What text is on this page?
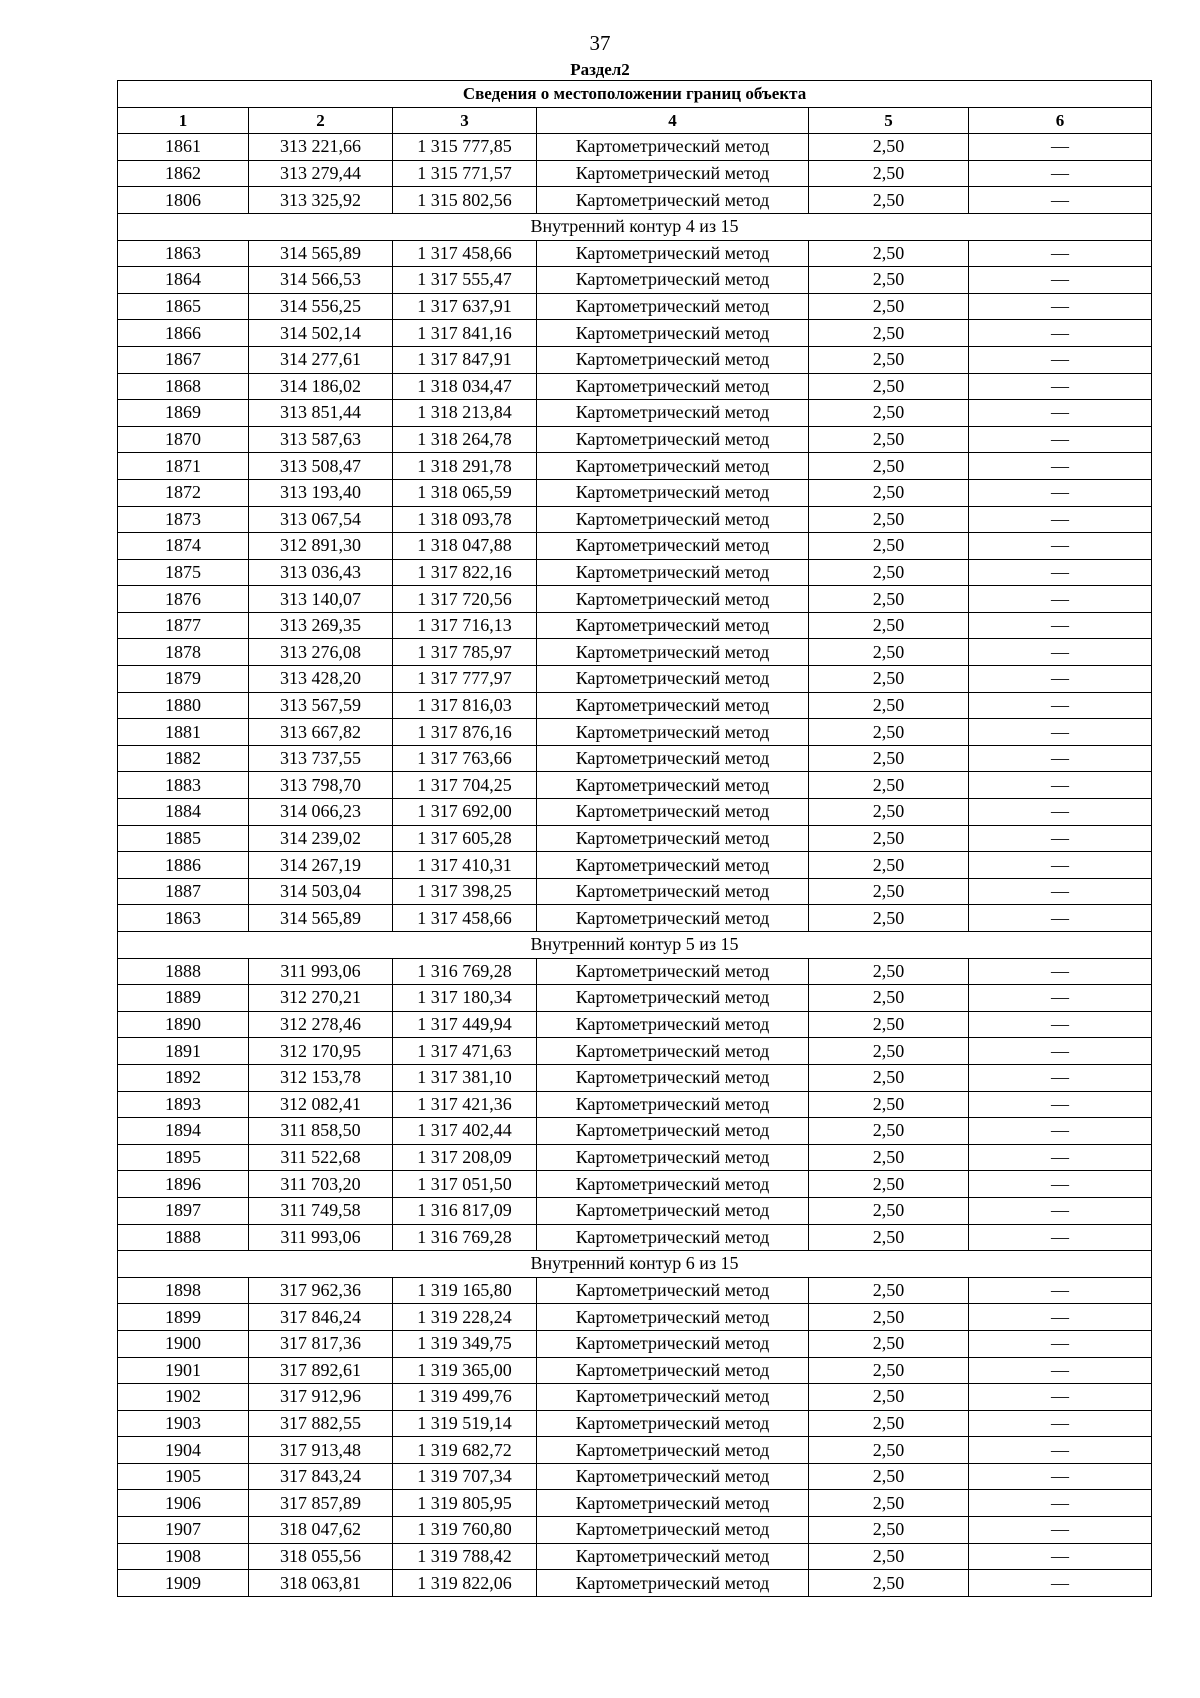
37
Раздел2
Сведения о местоположении границ объекта					
1	2	3	4	5	6
1861	313 221,66	1 315 777,85	Картометрический метод	2,50	—
1862	313 279,44	1 315 771,57	Картометрический метод	2,50	—
1806	313 325,92	1 315 802,56	Картометрический метод	2,50	—
Внутренний контур 4 из 15					
1863	314 565,89	1 317 458,66	Картометрический метод	2,50	—
1864	314 566,53	1 317 555,47	Картометрический метод	2,50	—
1865	314 556,25	1 317 637,91	Картометрический метод	2,50	—
1866	314 502,14	1 317 841,16	Картометрический метод	2,50	—
1867	314 277,61	1 317 847,91	Картометрический метод	2,50	—
1868	314 186,02	1 318 034,47	Картометрический метод	2,50	—
1869	313 851,44	1 318 213,84	Картометрический метод	2,50	—
1870	313 587,63	1 318 264,78	Картометрический метод	2,50	—
1871	313 508,47	1 318 291,78	Картометрический метод	2,50	—
1872	313 193,40	1 318 065,59	Картометрический метод	2,50	—
1873	313 067,54	1 318 093,78	Картометрический метод	2,50	—
1874	312 891,30	1 318 047,88	Картометрический метод	2,50	—
1875	313 036,43	1 317 822,16	Картометрический метод	2,50	—
1876	313 140,07	1 317 720,56	Картометрический метод	2,50	—
1877	313 269,35	1 317 716,13	Картометрический метод	2,50	—
1878	313 276,08	1 317 785,97	Картометрический метод	2,50	—
1879	313 428,20	1 317 777,97	Картометрический метод	2,50	—
1880	313 567,59	1 317 816,03	Картометрический метод	2,50	—
1881	313 667,82	1 317 876,16	Картометрический метод	2,50	—
1882	313 737,55	1 317 763,66	Картометрический метод	2,50	—
1883	313 798,70	1 317 704,25	Картометрический метод	2,50	—
1884	314 066,23	1 317 692,00	Картометрический метод	2,50	—
1885	314 239,02	1 317 605,28	Картометрический метод	2,50	—
1886	314 267,19	1 317 410,31	Картометрический метод	2,50	—
1887	314 503,04	1 317 398,25	Картометрический метод	2,50	—
1863	314 565,89	1 317 458,66	Картометрический метод	2,50	—
Внутренний контур 5 из 15					
1888	311 993,06	1 316 769,28	Картометрический метод	2,50	—
1889	312 270,21	1 317 180,34	Картометрический метод	2,50	—
1890	312 278,46	1 317 449,94	Картометрический метод	2,50	—
1891	312 170,95	1 317 471,63	Картометрический метод	2,50	—
1892	312 153,78	1 317 381,10	Картометрический метод	2,50	—
1893	312 082,41	1 317 421,36	Картометрический метод	2,50	—
1894	311 858,50	1 317 402,44	Картометрический метод	2,50	—
1895	311 522,68	1 317 208,09	Картометрический метод	2,50	—
1896	311 703,20	1 317 051,50	Картометрический метод	2,50	—
1897	311 749,58	1 316 817,09	Картометрический метод	2,50	—
1888	311 993,06	1 316 769,28	Картометрический метод	2,50	—
Внутренний контур 6 из 15					
1898	317 962,36	1 319 165,80	Картометрический метод	2,50	—
1899	317 846,24	1 319 228,24	Картометрический метод	2,50	—
1900	317 817,36	1 319 349,75	Картометрический метод	2,50	—
1901	317 892,61	1 319 365,00	Картометрический метод	2,50	—
1902	317 912,96	1 319 499,76	Картометрический метод	2,50	—
1903	317 882,55	1 319 519,14	Картометрический метод	2,50	—
1904	317 913,48	1 319 682,72	Картометрический метод	2,50	—
1905	317 843,24	1 319 707,34	Картометрический метод	2,50	—
1906	317 857,89	1 319 805,95	Картометрический метод	2,50	—
1907	318 047,62	1 319 760,80	Картометрический метод	2,50	—
1908	318 055,56	1 319 788,42	Картометрический метод	2,50	—
1909	318 063,81	1 319 822,06	Картометрический метод	2,50	—
